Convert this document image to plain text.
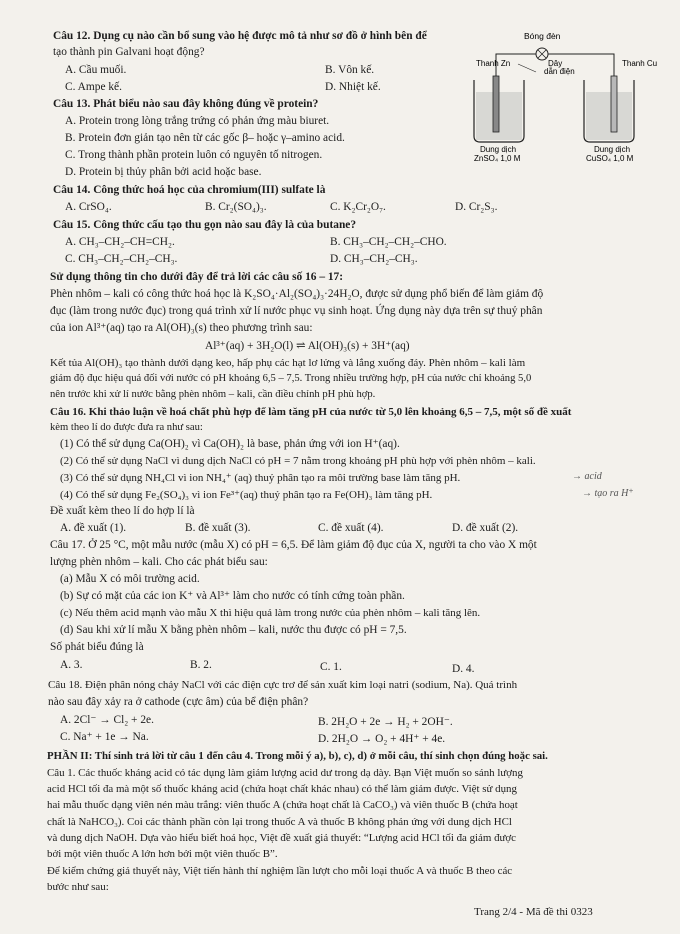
Câu 12. Dụng cụ nào cần bổ sung vào hệ được mô tả như sơ đồ ở hình bên để
tạo thành pin Galvani hoạt động?
A. Cầu muối.	B. Vôn kế.
C. Ampe kế.	D. Nhiệt kế.
Bóng đèn
Thanh Zn	Dây
dẫn điện
Thanh Cu
Dung dịch
ZnSO₄ 1,0 M
Dung dịch
CuSO₄ 1,0 M
Câu 13. Phát biểu nào sau đây không đúng về protein?
A. Protein trong lòng trắng trứng có phản ứng màu biuret.
B. Protein đơn giản tạo nên từ các gốc β– hoặc γ–amino acid.
C. Trong thành phần protein luôn có nguyên tố nitrogen.
D. Protein bị thủy phân bởi acid hoặc base.
Câu 14. Công thức hoá học của chromium(III) sulfate là
A. CrSO₄.	B. Cr₂(SO₄)₃.	C. K₂Cr₂O₇.	D. Cr₂S₃.
Câu 15. Công thức cấu tạo thu gọn nào sau đây là của butane?
A. CH₃–CH₂–CH=CH₂.	B. CH₃–CH₂–CH₂–CHO.
C. CH₃–CH₂–CH₂–CH₃.	D. CH₃–CH₂–CH₃.
Sử dụng thông tin cho dưới đây để trả lời các câu số 16 – 17:
Phèn nhôm – kali có công thức hoá học là K₂SO₄·Al₂(SO₄)₃·24H₂O, được sử dụng phổ biến để làm giảm độ
đục (làm trong nước đục) trong quá trình xử lí nước phục vụ sinh hoạt. Ứng dụng này dựa trên sự thuỷ phân
của ion Al³⁺(aq) tạo ra Al(OH)₃(s) theo phương trình sau:
Al³⁺(aq) + 3H₂O(l) ⇌ Al(OH)₃(s) + 3H⁺(aq)
Kết tủa Al(OH)₃ tạo thành dưới dạng keo, hấp phụ các hạt lơ lửng và lắng xuống đáy. Phèn nhôm – kali làm
giảm độ đục hiệu quả đối với nước có pH khoảng 6,5 – 7,5. Trong nhiều trường hợp, pH của nước chỉ khoảng 5,0
nên trước khi xử lí nước bằng phèn nhôm – kali, cần điều chỉnh pH phù hợp.
Câu 16. Khi thảo luận về hoá chất phù hợp để làm tăng pH của nước từ 5,0 lên khoảng 6,5 – 7,5, một số đề xuất
kèm theo lí do được đưa ra như sau:
(1) Có thể sử dụng Ca(OH)₂ vì Ca(OH)₂ là base, phản ứng với ion H⁺(aq).
(2) Có thể sử dụng NaCl vì dung dịch NaCl có pH = 7 nằm trong khoảng pH phù hợp với phèn nhôm – kali.
(3) Có thể sử dụng NH₄Cl vì ion NH₄⁺ (aq) thuỷ phân tạo ra môi trường base làm tăng pH.	→ acid
(4) Có thể sử dụng Fe₂(SO₄)₃ vì ion Fe³⁺(aq) thuỷ phân tạo ra Fe(OH)₃ làm tăng pH.	→ tạo ra H⁺
Đề xuất kèm theo lí do hợp lí là
A. đề xuất (1).	B. đề xuất (3).	C. đề xuất (4).	D. đề xuất (2).
Câu 17. Ở 25 °C, một mẫu nước (mẫu X) có pH = 6,5. Để làm giảm độ đục của X, người ta cho vào X một
lượng phèn nhôm – kali. Cho các phát biểu sau:
(a) Mẫu X có môi trường acid.
(b) Sự có mặt của các ion K⁺ và Al³⁺ làm cho nước có tính cứng toàn phần.
(c) Nếu thêm acid mạnh vào mẫu X thì hiệu quả làm trong nước của phèn nhôm – kali tăng lên.
(d) Sau khi xử lí mẫu X bằng phèn nhôm – kali, nước thu được có pH = 7,5.
Số phát biểu đúng là
A. 3.	B. 2.	C. 1.	D. 4.
Câu 18. Điện phân nóng chảy NaCl với các điện cực trơ để sản xuất kim loại natri (sodium, Na). Quá trình
nào sau đây xảy ra ở cathode (cực âm) của bể điện phân?
A. 2Cl⁻ → Cl₂ + 2e.	B. 2H₂O + 2e → H₂ + 2OH⁻.
C. Na⁺ + 1e → Na.	D. 2H₂O → O₂ + 4H⁺ + 4e.
PHẦN II: Thí sinh trả lời từ câu 1 đến câu 4. Trong mỗi ý a), b), c), d) ở mỗi câu, thí sinh chọn đúng hoặc sai.
Câu 1. Các thuốc kháng acid có tác dụng làm giảm lượng acid dư trong dạ dày. Bạn Việt muốn so sánh lượng
acid HCl tối đa mà một số thuốc kháng acid (chứa hoạt chất khác nhau) có thể làm giảm được. Việt sử dụng
hai mẫu thuốc dạng viên nén màu trắng: viên thuốc A (chứa hoạt chất là CaCO₃) và viên thuốc B (chứa hoạt
chất là NaHCO₃). Coi các thành phần còn lại trong thuốc A và thuốc B không phản ứng với dung dịch HCl
và dung dịch NaOH. Dựa vào hiểu biết hoá học, Việt đề xuất giả thuyết: “Lượng acid HCl tối đa giảm được
bởi một viên thuốc A lớn hơn bởi một viên thuốc B”.
Để kiểm chứng giả thuyết này, Việt tiến hành thí nghiệm lần lượt cho mỗi loại thuốc A và thuốc B theo các
bước như sau:
Trang 2/4 - Mã đề thi 0323
